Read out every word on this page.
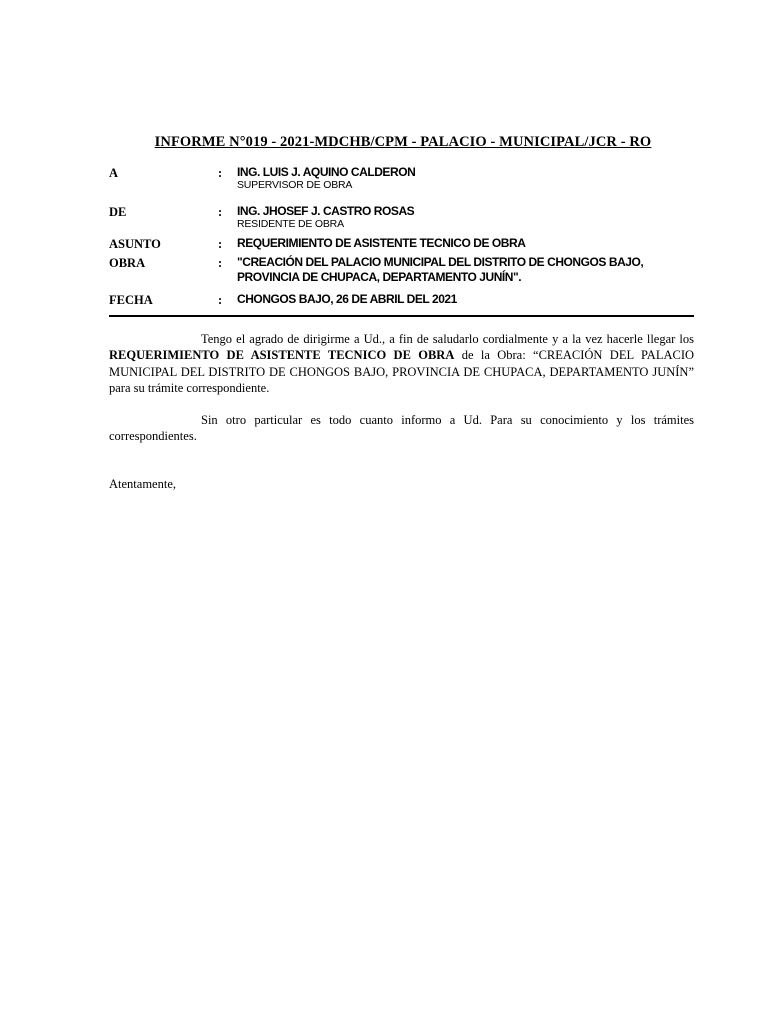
INFORME N°019 - 2021-MDCHB/CPM - PALACIO - MUNICIPAL/JCR - RO
A	: ING. LUIS J. AQUINO CALDERON
SUPERVISOR DE OBRA
DE	: ING. JHOSEF J. CASTRO ROSAS
RESIDENTE DE OBRA
ASUNTO	: REQUERIMIENTO DE ASISTENTE TECNICO DE OBRA
OBRA	: "CREACIÓN DEL PALACIO MUNICIPAL DEL DISTRITO DE CHONGOS BAJO, PROVINCIA DE CHUPACA, DEPARTAMENTO JUNÍN".
FECHA	: CHONGOS BAJO, 26 DE ABRIL DEL 2021
Tengo el agrado de dirigirme a Ud., a fin de saludarlo cordialmente y a la vez hacerle llegar los REQUERIMIENTO DE ASISTENTE TECNICO DE OBRA de la Obra: “CREACIÓN DEL PALACIO MUNICIPAL DEL DISTRITO DE CHONGOS BAJO, PROVINCIA DE CHUPACA, DEPARTAMENTO JUNÍN” para su trámite correspondiente.
Sin otro particular es todo cuanto informo a Ud. Para su conocimiento y los trámites correspondientes.
Atentamente,
